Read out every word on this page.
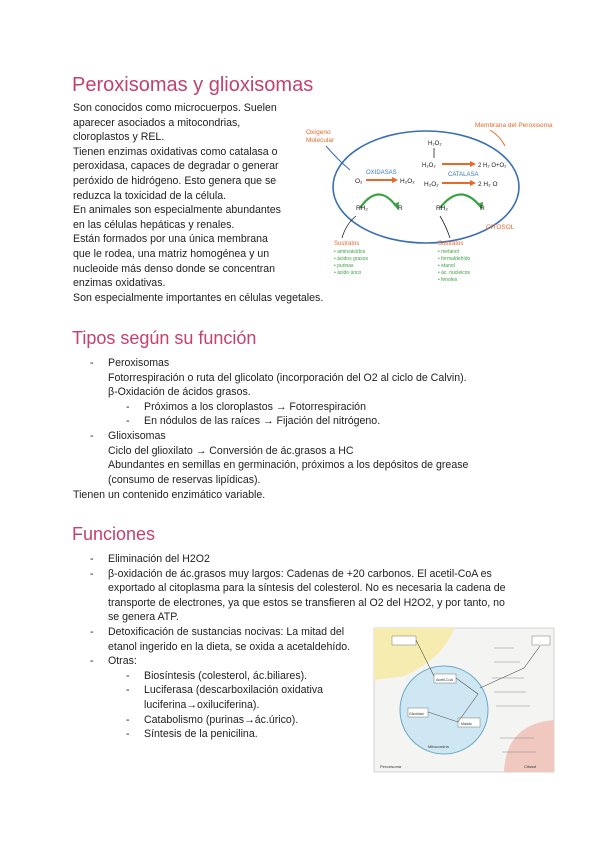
Peroxisomas y glioxisomas

Son conocidos como microcuerpos. Suelen

aparecer asociados a mitocondrias,

cloroplastos y REL.

Tienen enzimas oxidativas como catalasa o

peroxidasa, capaces de degradar o generar

peróxido de hidrógeno. Esto genera que se

reduzca la toxicidad de la célula.

En animales son especialmente abundantes

en las células hepáticas y renales.

Están formados por una única membrana

que le rodea, una matriz homogénea y un

nucleoide más denso donde se concentran

enzimas oxidativas.

Son especialmente importantes en células vegetales.

Membrana del Peroxisoma
Oxígeno
Molecular	H₂O₂
H₂O₂	2 H₂ O+O₂
OXIDASAS
O₂	H₂O₂
CATALASA
H₂O₂	2 H₂ O
RH₂	R	RH₂	R
CITOSOL
Sustratos
• aminoácidos
• ácidos grasos
• purinas
• ácido úrico
Sustratos
• metanol
• formaldehído
• etanol
• ác. nucleicos
• fenoles
Tipos según su función
- Peroxisomas
Fotorrespiración o ruta del glicolato (incorporación del O2 al ciclo de Calvin).
β-Oxidación de ácidos grasos.
- Próximos a los cloroplastos → Fotorrespiración
- En nódulos de las raíces → Fijación del nitrógeno.
- Glioxisomas
Ciclo del glioxilato → Conversión de ác.grasos a HC
Abundantes en semillas en germinación, próximos a los depósitos de grease
(consumo de reservas lipídicas).

Tienen un contenido enzimático variable.

Funciones
- Eliminación del H2O2
- β-oxidación de ác.grasos muy largos: Cadenas de +20 carbonos. El acetil-CoA es
exportado al citoplasma para la síntesis del colesterol. No es necesaria la cadena de
transporte de electrones, ya que estos se transfieren al O2 del H2O2, y por tanto, no
se genera ATP.
- Detoxificación de sustancias nocivas: La mitad del
etanol ingerido en la dieta, se oxida a acetaldehído.
- Otras:
- Biosíntesis (colesterol, ác.biliares).
- Luciferasa (descarboxilación oxidativa
luciferina→oxiluciferina).
- Catabolismo (purinas→ác.úrico).
- Síntesis de la penicilina.
Peroxisoma
Mitocondria
Citosol
Acetil-CoA
Glioxilato
Malato
